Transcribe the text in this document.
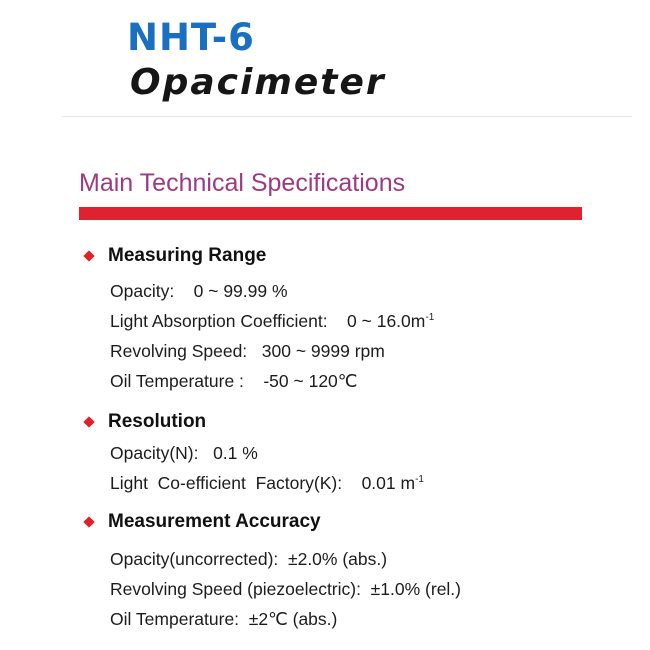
NHT-6
Opacimeter
Main Technical Specifications
Measuring Range
Opacity:    0 ~ 99.99 %
Light Absorption Coefficient:    0 ~ $16.0m^{-1}$
Revolving Speed:   300 ~ 9999 rpm
Oil Temperature :    -50 ~ 120℃
Resolution
Opacity(N):   0.1 %
Light  Co-efficient  Factory(K):    0.01 $m^{-1}$
Measurement Accuracy
Opacity(uncorrected):  ±2.0% (abs.)
Revolving Speed (piezoelectric):  ±1.0% (rel.)
Oil Temperature:  ±2℃ (abs.)
